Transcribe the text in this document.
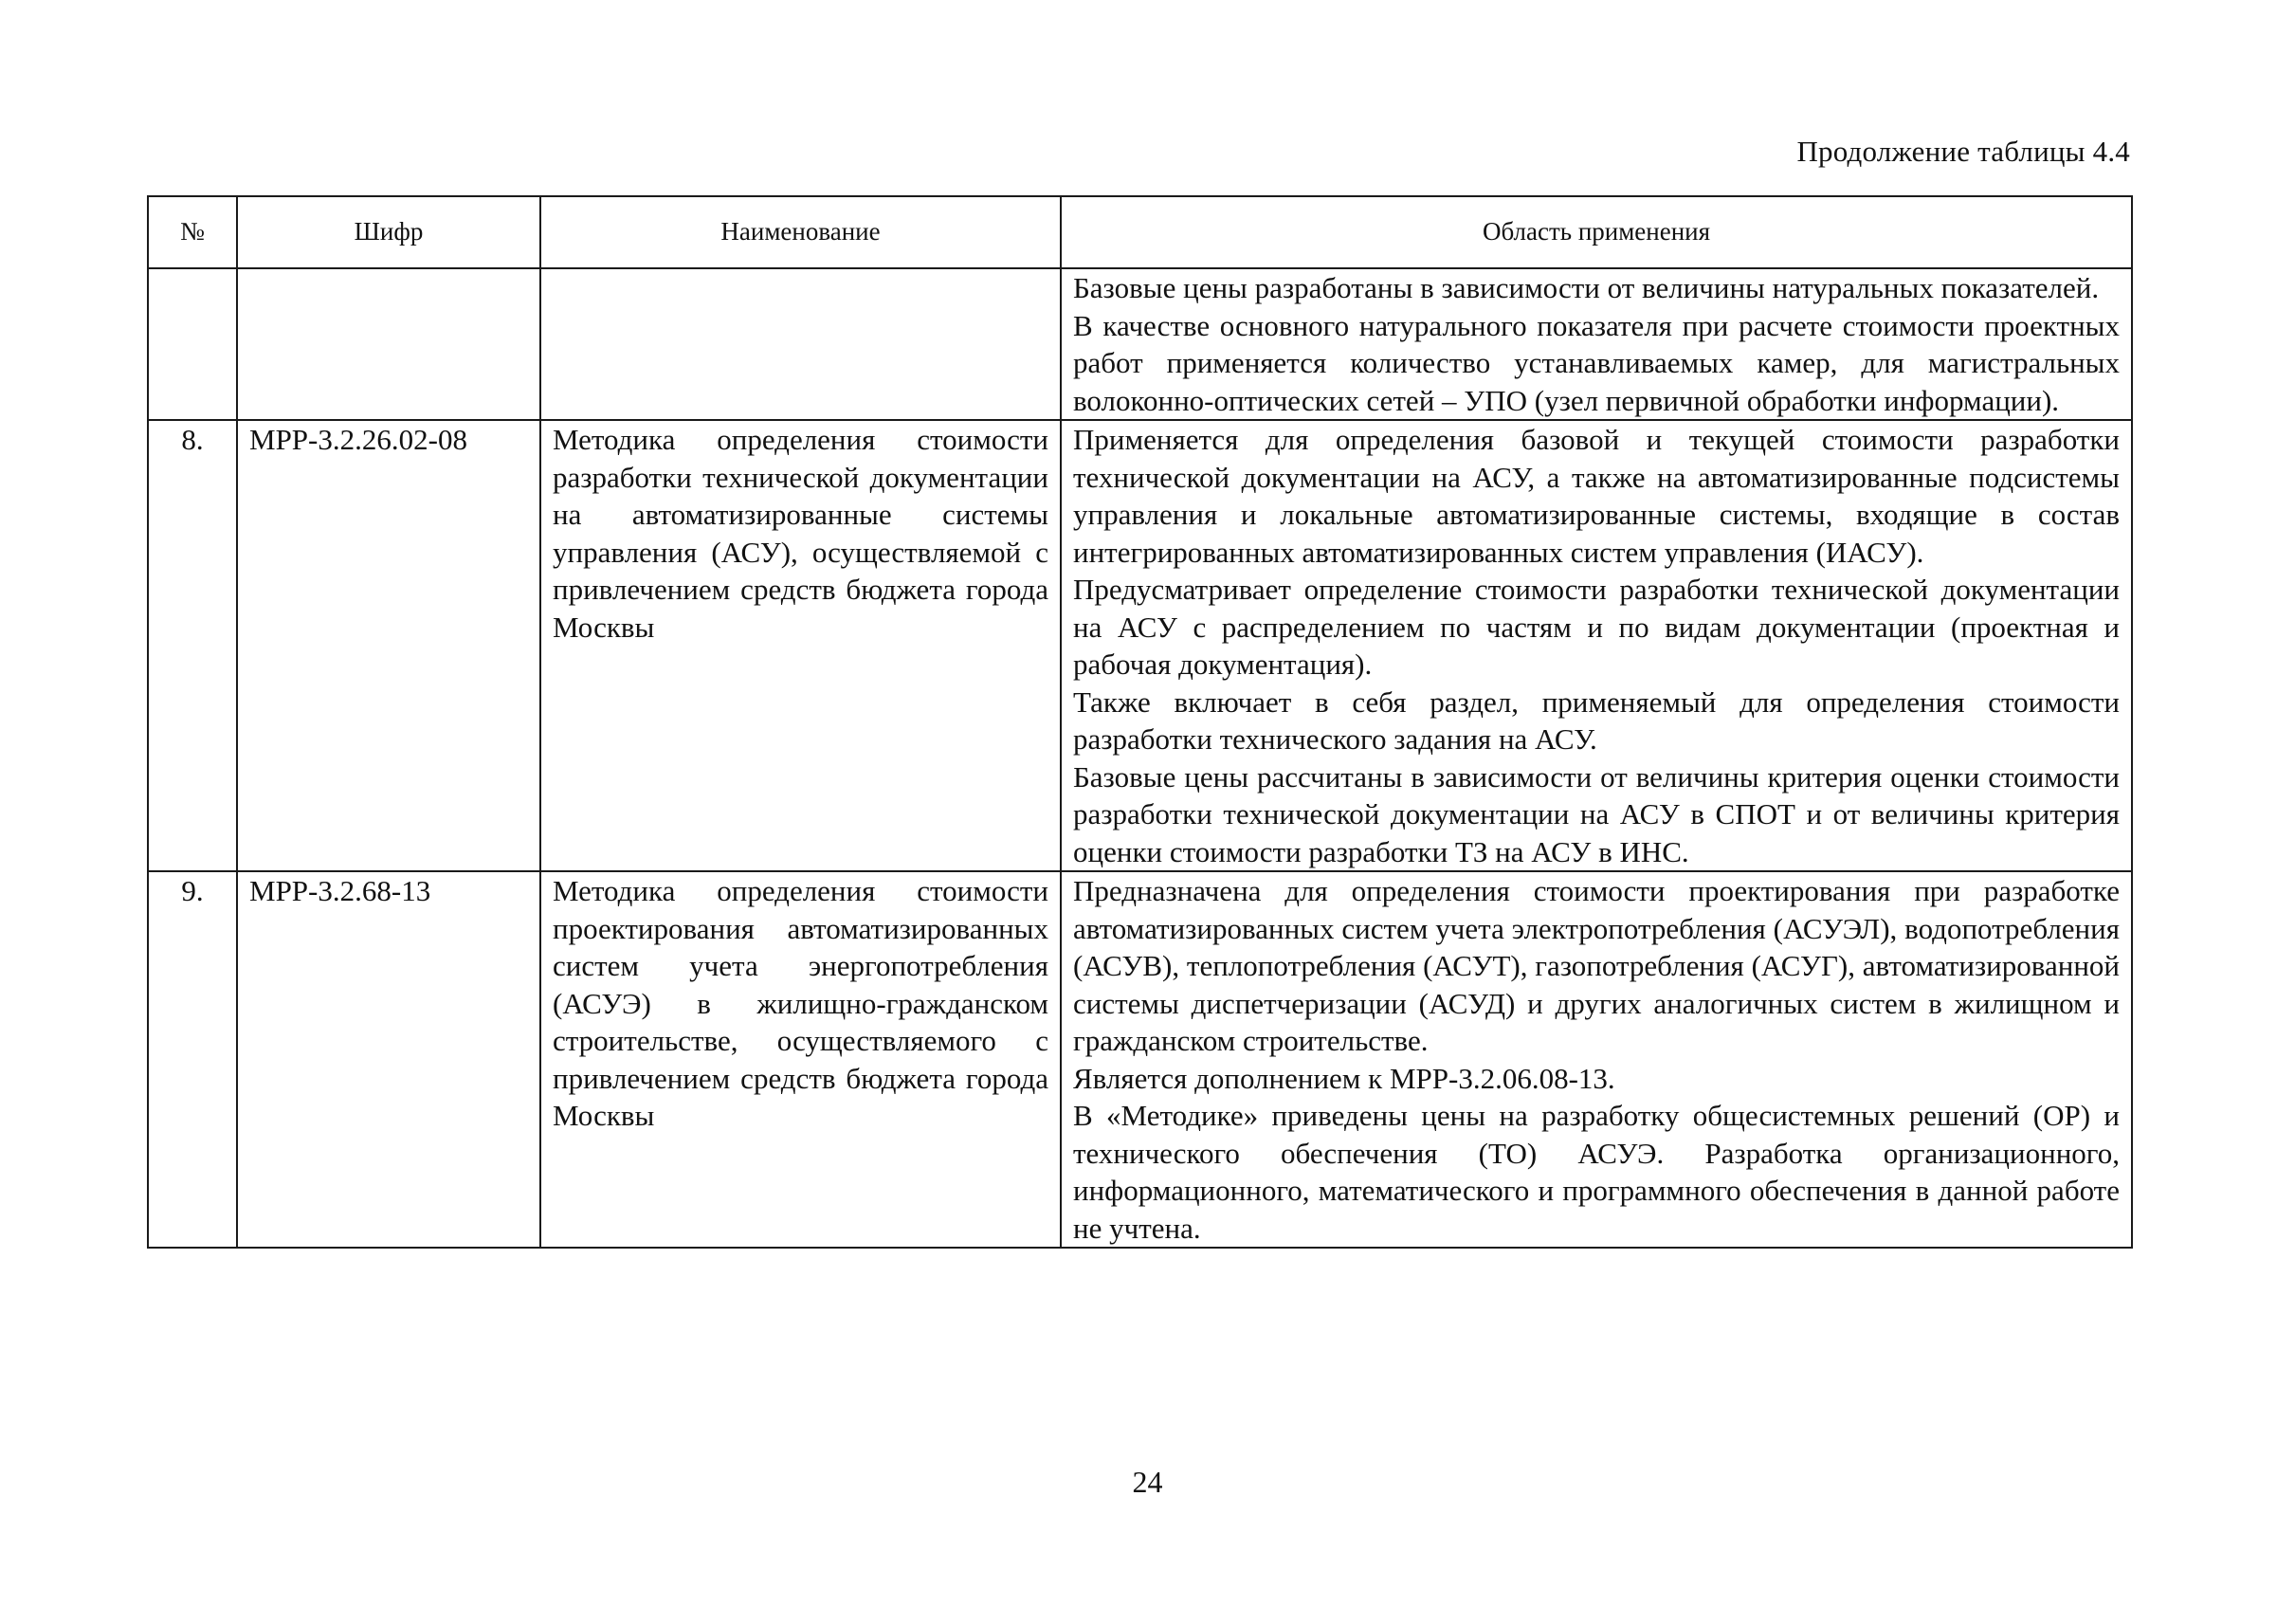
Продолжение таблицы 4.4
№	Шифр	Наименование	Область применения

			Базовые цены разработаны в зависимости от величины натуральных показателей.

В качестве основного натурального показателя при расчете стоимости проектных работ применяется количество устанавливаемых камер, для магистральных волоконно-оптических сетей – УПО (узел первичной обработки информации).

8.	МРР-3.2.26.02-08	Методика определения стоимости разработки технической документации на автоматизированные системы управления (АСУ), осуществляемой с привлечением средств бюджета города Москвы	Применяется для определения базовой и текущей стоимости разработки технической документации на АСУ, а также на автоматизированные подсистемы управления и локальные автоматизированные системы, входящие в состав интегрированных автоматизированных систем управления (ИАСУ).

Предусматривает определение стоимости разработки технической документации на АСУ с распределением по частям и по видам документации (проектная и рабочая документация).

Также включает в себя раздел, применяемый для определения стоимости разработки технического задания на АСУ.

Базовые цены рассчитаны в зависимости от величины критерия оценки стоимости разработки технической документации на АСУ в СПОТ и от величины критерия оценки стоимости разработки ТЗ на АСУ в ИНС.

9.	МРР-3.2.68-13	Методика определения стоимости проектирования автоматизированных систем учета энергопотребления (АСУЭ) в жилищно-гражданском строительстве, осуществляемого с привлечением средств бюджета города Москвы	Предназначена для определения стоимости проектирования при разработке автоматизированных систем учета электропотребления (АСУЭЛ), водопотребления (АСУВ), теплопотребления (АСУТ), газопотребления (АСУГ), автоматизированной системы диспетчеризации (АСУД) и других аналогичных систем в жилищном и гражданском строительстве.

Является дополнением к МРР-3.2.06.08-13.

В «Методике» приведены цены на разработку общесистемных решений (ОР) и технического обеспечения (ТО) АСУЭ. Разработка организационного, информационного, математического и программного обеспечения в данной работе не учтена.

24
